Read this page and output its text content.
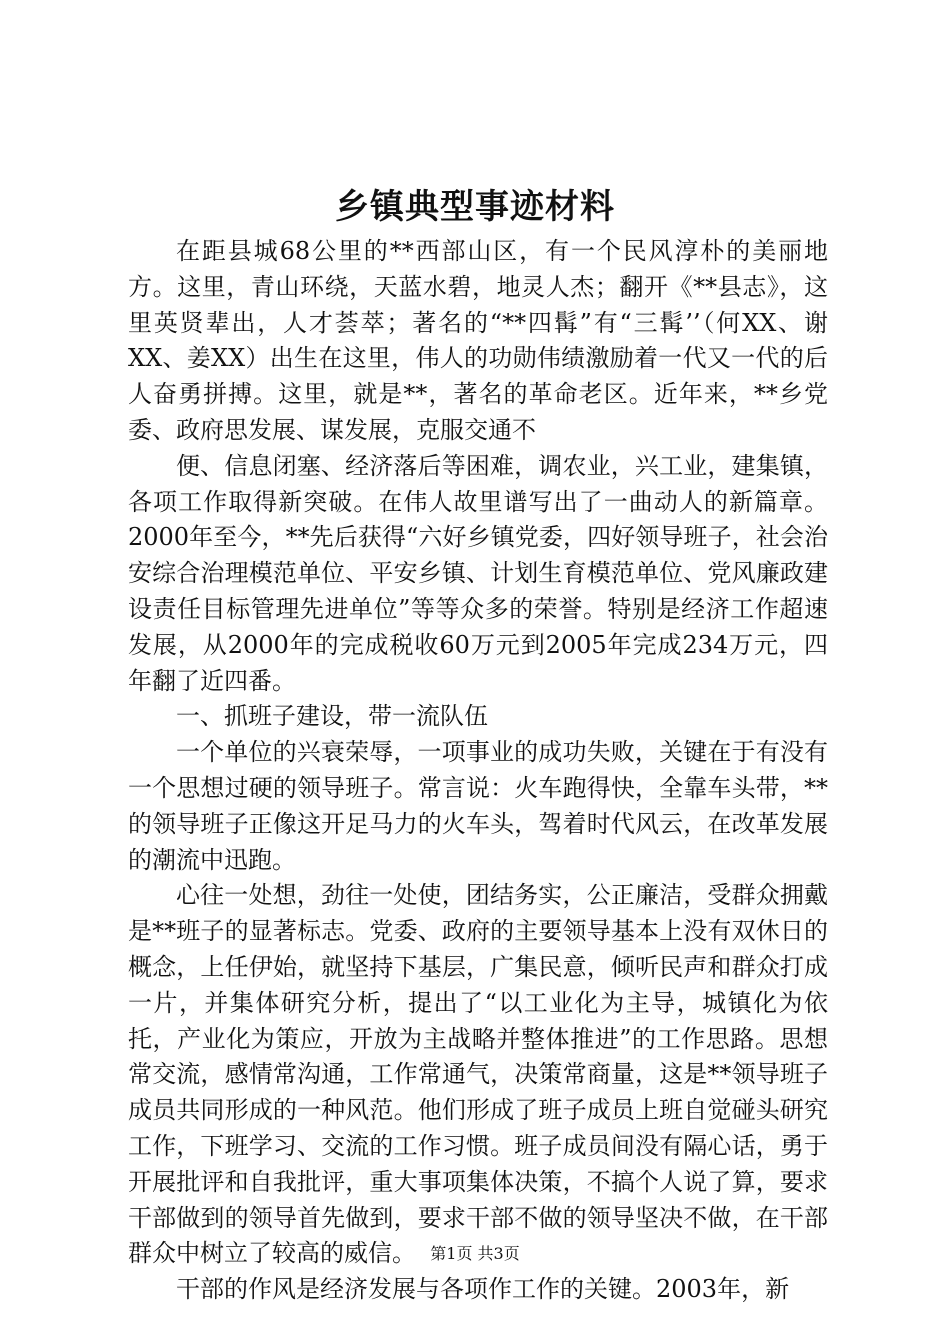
乡镇典型事迹材料

在距县城68公里的**西部山区，有一个民风淳朴的美丽地方。这里，青山环绕，天蓝水碧，地灵人杰；翻开《**县志》，这里英贤辈出，人才荟萃；著名的“**四髯”有“三髯’’（何XX、谢XX、姜XX）出生在这里，伟人的功勋伟绩激励着一代又一代的后人奋勇拼搏。这里，就是**，著名的革命老区。近年来，**乡党委、政府思发展、谋发展，克服交通不

便、信息闭塞、经济落后等困难，调农业，兴工业，建集镇，各项工作取得新突破。在伟人故里谱写出了一曲动人的新篇章。2000年至今，**先后获得“六好乡镇党委，四好领导班子，社会治安综合治理模范单位、平安乡镇、计划生育模范单位、党风廉政建设责任目标管理先进单位”等等众多的荣誉。特别是经济工作超速发展，从2000年的完成税收60万元到2005年完成234万元，四年翻了近四番。

一、抓班子建设，带一流队伍

一个单位的兴衰荣辱，一项事业的成功失败，关键在于有没有一个思想过硬的领导班子。常言说：火车跑得快，全靠车头带，**的领导班子正像这开足马力的火车头，驾着时代风云，在改革发展的潮流中迅跑。

心往一处想，劲往一处使，团结务实，公正廉洁，受群众拥戴是**班子的显著标志。党委、政府的主要领导基本上没有双休日的概念，上任伊始，就坚持下基层，广集民意，倾听民声和群众打成一片，并集体研究分析，提出了“以工业化为主导，城镇化为依托，产业化为策应，开放为主战略并整体推进”的工作思路。思想常交流，感情常沟通，工作常通气，决策常商量，这是**领导班子成员共同形成的一种风范。他们形成了班子成员上班自觉碰头研究工作，下班学习、交流的工作习惯。班子成员间没有隔心话，勇于开展批评和自我批评，重大事项集体决策，不搞个人说了算，要求干部做到的领导首先做到，要求干部不做的领导坚决不做，在干部群众中树立了较高的威信。

干部的作风是经济发展与各项作工作的关键。2003年，新

第1页 共3页
